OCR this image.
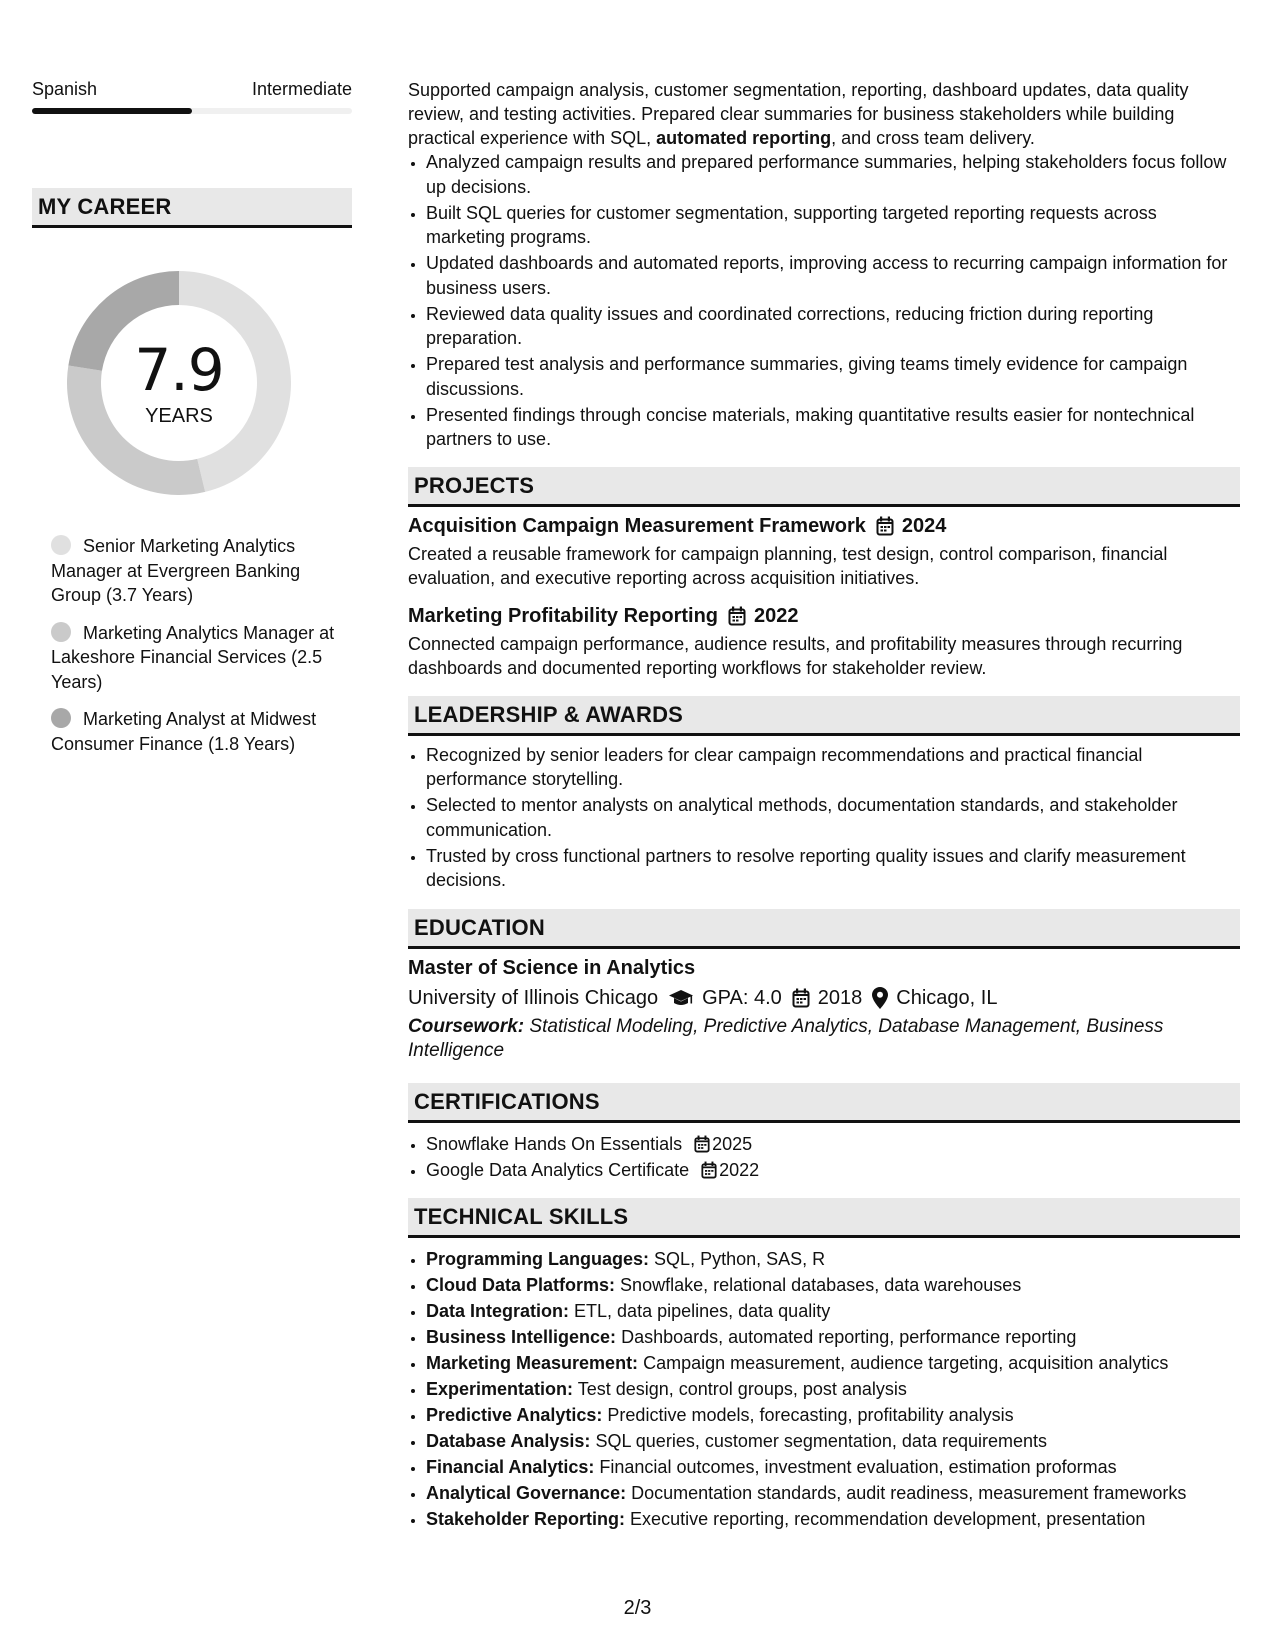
Spanish	Intermediate
MY CAREER
7.9
YEARS
Senior Marketing Analytics Manager at Evergreen Banking Group (3.7 Years)
Marketing Analytics Manager at Lakeshore Financial Services (2.5 Years)
Marketing Analyst at Midwest Consumer Finance (1.8 Years)
Supported campaign analysis, customer segmentation, reporting, dashboard updates, data quality review, and testing activities. Prepared clear summaries for business stakeholders while building practical experience with SQL, automated reporting, and cross team delivery.
• Analyzed campaign results and prepared performance summaries, helping stakeholders focus follow up decisions.
• Built SQL queries for customer segmentation, supporting targeted reporting requests across marketing programs.
• Updated dashboards and automated reports, improving access to recurring campaign information for business users.
• Reviewed data quality issues and coordinated corrections, reducing friction during reporting preparation.
• Prepared test analysis and performance summaries, giving teams timely evidence for campaign discussions.
• Presented findings through concise materials, making quantitative results easier for nontechnical partners to use.
PROJECTS
Acquisition Campaign Measurement Framework 2024
Created a reusable framework for campaign planning, test design, control comparison, financial evaluation, and executive reporting across acquisition initiatives.
Marketing Profitability Reporting 2022
Connected campaign performance, audience results, and profitability measures through recurring dashboards and documented reporting workflows for stakeholder review.
LEADERSHIP & AWARDS
• Recognized by senior leaders for clear campaign recommendations and practical financial performance storytelling.
• Selected to mentor analysts on analytical methods, documentation standards, and stakeholder communication.
• Trusted by cross functional partners to resolve reporting quality issues and clarify measurement decisions.
EDUCATION
Master of Science in Analytics
University of Illinois Chicago GPA: 4.0 2018 Chicago, IL
Coursework: Statistical Modeling, Predictive Analytics, Database Management, Business Intelligence
CERTIFICATIONS
• Snowflake Hands On Essentials 2025
• Google Data Analytics Certificate 2022
TECHNICAL SKILLS
• Programming Languages: SQL, Python, SAS, R
• Cloud Data Platforms: Snowflake, relational databases, data warehouses
• Data Integration: ETL, data pipelines, data quality
• Business Intelligence: Dashboards, automated reporting, performance reporting
• Marketing Measurement: Campaign measurement, audience targeting, acquisition analytics
• Experimentation: Test design, control groups, post analysis
• Predictive Analytics: Predictive models, forecasting, profitability analysis
• Database Analysis: SQL queries, customer segmentation, data requirements
• Financial Analytics: Financial outcomes, investment evaluation, estimation proformas
• Analytical Governance: Documentation standards, audit readiness, measurement frameworks
• Stakeholder Reporting: Executive reporting, recommendation development, presentation
2/3
